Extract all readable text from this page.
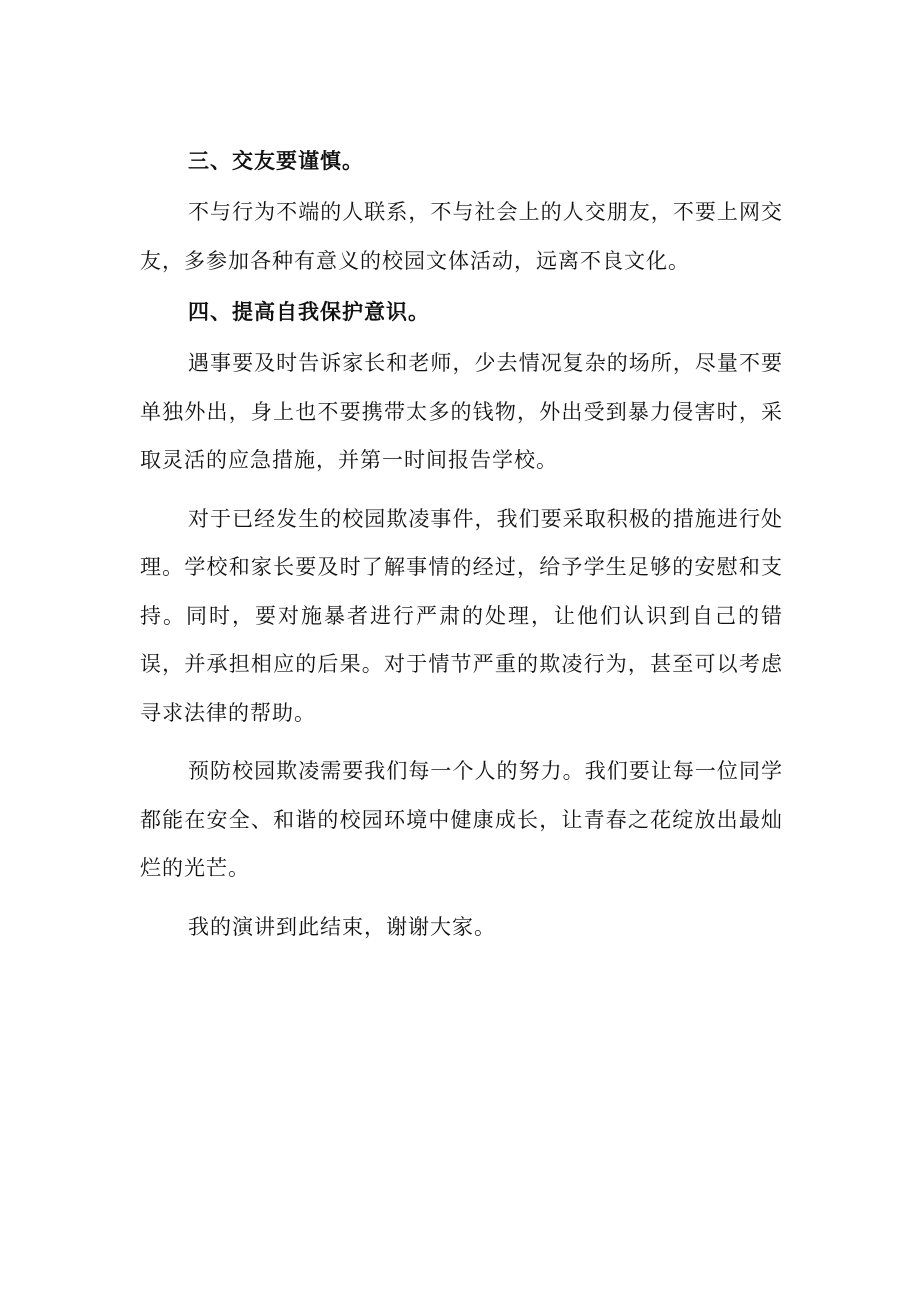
三、交友要谨慎。

不与行为不端的人联系，不与社会上的人交朋友，不要上网交友，多参加各种有意义的校园文体活动，远离不良文化。

四、提高自我保护意识。

遇事要及时告诉家长和老师，少去情况复杂的场所，尽量不要单独外出，身上也不要携带太多的钱物，外出受到暴力侵害时，采取灵活的应急措施，并第一时间报告学校。

对于已经发生的校园欺凌事件，我们要采取积极的措施进行处理。学校和家长要及时了解事情的经过，给予学生足够的安慰和支持。同时，要对施暴者进行严肃的处理，让他们认识到自己的错误，并承担相应的后果。对于情节严重的欺凌行为，甚至可以考虑寻求法律的帮助。

预防校园欺凌需要我们每一个人的努力。我们要让每一位同学都能在安全、和谐的校园环境中健康成长，让青春之花绽放出最灿烂的光芒。

我的演讲到此结束，谢谢大家。
